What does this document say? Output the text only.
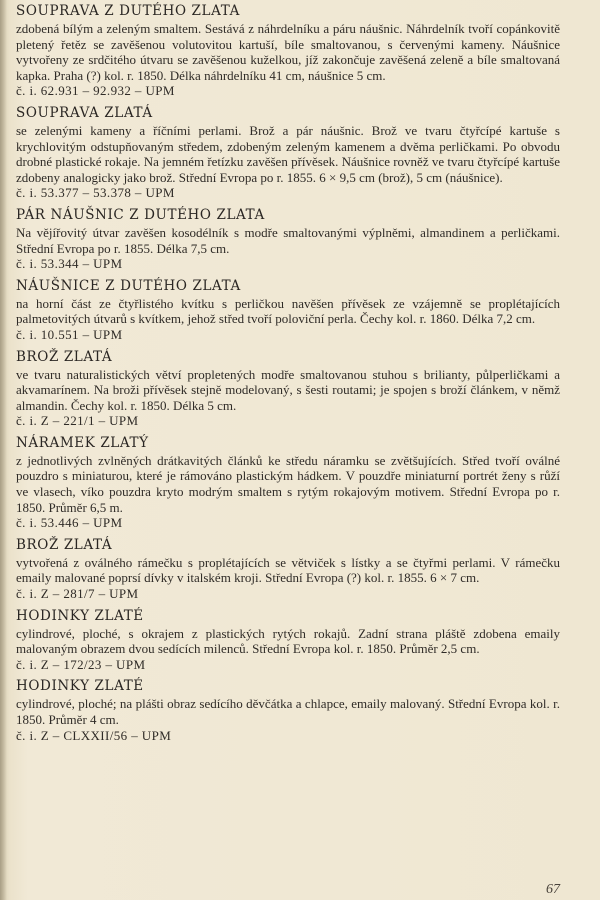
SOUPRAVA Z DUTÉHO ZLATA

zdobená bílým a zeleným smaltem. Sestává z náhrdelníku a páru náušnic. Náhrdelník tvoří copánkovitě pletený řetěz se zavěšenou volutovitou kartuší, bíle smaltovanou, s červenými kameny. Náušnice vytvořeny ze srdčitého útvaru se zavěšenou kuželkou, jíž zakončuje zavěšená zeleně a bíle smaltovaná kapka. Praha (?) kol. r. 1850. Délka náhrdelníku 41 cm, náušnice 5 cm.

č. i. 62.931 – 92.932 – UPM

SOUPRAVA ZLATÁ

se zelenými kameny a říčními perlami. Brož a pár náušnic. Brož ve tvaru čtyřcípé kartuše s krychlovitým odstupňovaným středem, zdobeným zeleným kamenem a dvěma perličkami. Po obvodu drobné plastické rokaje. Na jemném řetízku zavěšen přívěsek. Náušnice rovněž ve tvaru čtyřcípé kartuše zdobeny analogicky jako brož. Střední Evropa po r. 1855. 6 × 9,5 cm (brož), 5 cm (náušnice).

č. i. 53.377 – 53.378 – UPM

PÁR NÁUŠNIC Z DUTÉHO ZLATA

Na vějířovitý útvar zavěšen kosodélník s modře smaltovanými výplněmi, almandinem a perličkami. Střední Evropa po r. 1855. Délka 7,5 cm.

č. i. 53.344 – UPM

NÁUŠNICE Z DUTÉHO ZLATA

na horní část ze čtyřlistého kvítku s perličkou navěšen přívěsek ze vzájemně se proplétajících palmetovitých útvarů s kvítkem, jehož střed tvoří poloviční perla. Čechy kol. r. 1860. Délka 7,2 cm.

č. i. 10.551 – UPM

BROŽ ZLATÁ

ve tvaru naturalistických větví propletených modře smaltovanou stuhou s brilianty, půlperličkami a akvamarínem. Na broži přívěsek stejně modelovaný, s šesti routami; je spojen s broží článkem, v němž almandin. Čechy kol. r. 1850. Délka 5 cm.

č. i. Z – 221/1 – UPM

NÁRAMEK ZLATÝ

z jednotlivých zvlněných drátkavitých článků ke středu náramku se zvětšujících. Střed tvoří oválné pouzdro s miniaturou, které je rámováno plastickým hádkem. V pouzdře miniaturní portrét ženy s růží ve vlasech, víko pouzdra kryto modrým smaltem s rytým rokajovým motivem. Střední Evropa po r. 1850. Průměr 6,5 m.

č. i. 53.446 – UPM

BROŽ ZLATÁ

vytvořená z oválného rámečku s proplétajících se větviček s lístky a se čtyřmi perlami. V rámečku emaily malované poprsí dívky v italském kroji. Střední Evropa (?) kol. r. 1855. 6 × 7 cm.

č. i. Z – 281/7 – UPM

HODINKY ZLATÉ

cylindrové, ploché, s okrajem z plastických rytých rokajů. Zadní strana pláště zdobena emaily malovaným obrazem dvou sedících milenců. Střední Evropa kol. r. 1850. Průměr 2,5 cm.

č. i. Z – 172/23 – UPM

HODINKY ZLATÉ

cylindrové, ploché; na plášti obraz sedícího děvčátka a chlapce, emaily malovaný. Střední Evropa kol. r. 1850. Průměr 4 cm.

č. i. Z – CLXXII/56 – UPM

67
